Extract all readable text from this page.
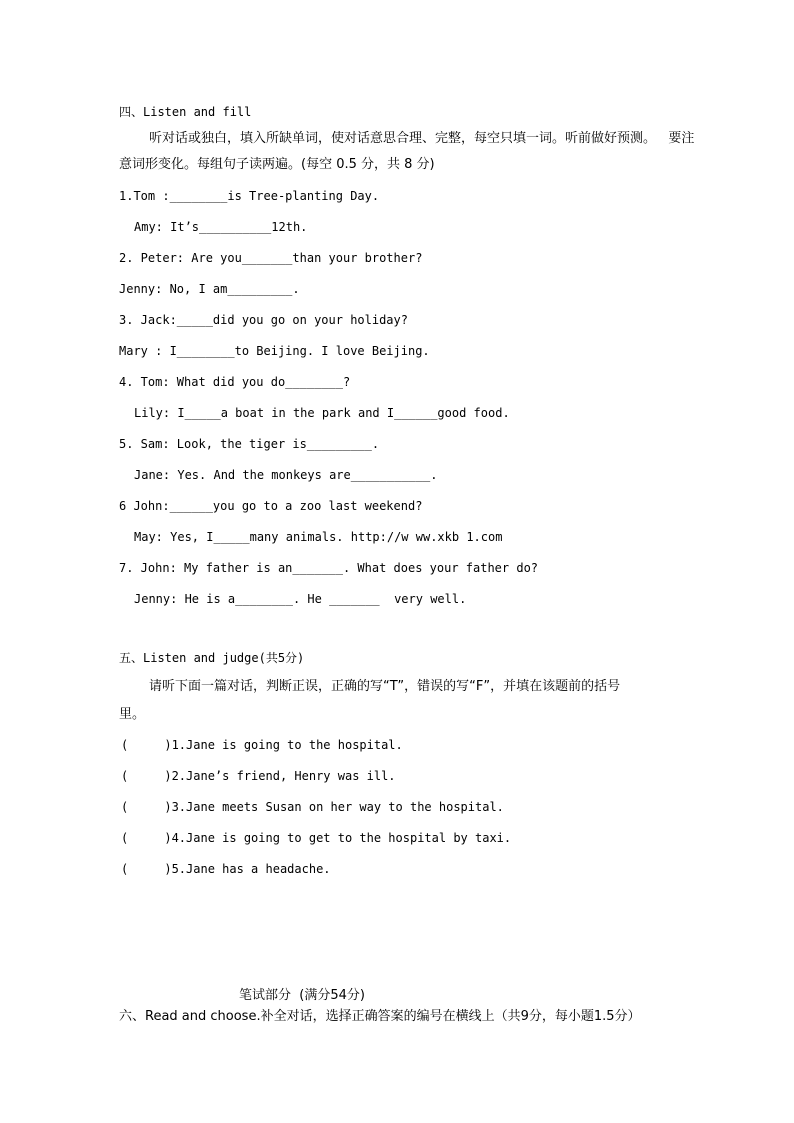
四、Listen and fill
听对话或独白，填入所缺单词，使对话意思合理、完整，每空只填一词。听前做好预测。   要注
意词形变化。每组句子读两遍。(每空 0.5 分，共 8 分)
1.Tom :________is Tree-planting Day.
Amy: It’s__________12th.
2. Peter: Are you_______than your brother?
Jenny: No, I am_________.
3. Jack:_____did you go on your holiday?
Mary : I________to Beijing. I love Beijing.
4. Tom: What did you do________?
Lily: I_____a boat in the park and I______good food.
5. Sam: Look, the tiger is_________.
Jane: Yes. And the monkeys are___________.
6 John:______you go to a zoo last weekend?
May: Yes, I_____many animals. http://w ww.xkb 1.com
7. John: My father is an_______. What does your father do?
Jenny: He is a________. He _______  very well.
五、Listen and judge(共5分)
请听下面一篇对话，判断正误，正确的写“T”，错误的写“F”，并填在该题前的括号
里。
(     )1.Jane is going to the hospital.
(     )2.Jane’s friend, Henry was ill.
(     )3.Jane meets Susan on her way to the hospital.
(     )4.Jane is going to get to the hospital by taxi.
(     )5.Jane has a headache.
笔试部分  (满分54分)
六、Read and choose.补全对话，选择正确答案的编号在横线上（共9分，每小题1.5分）
